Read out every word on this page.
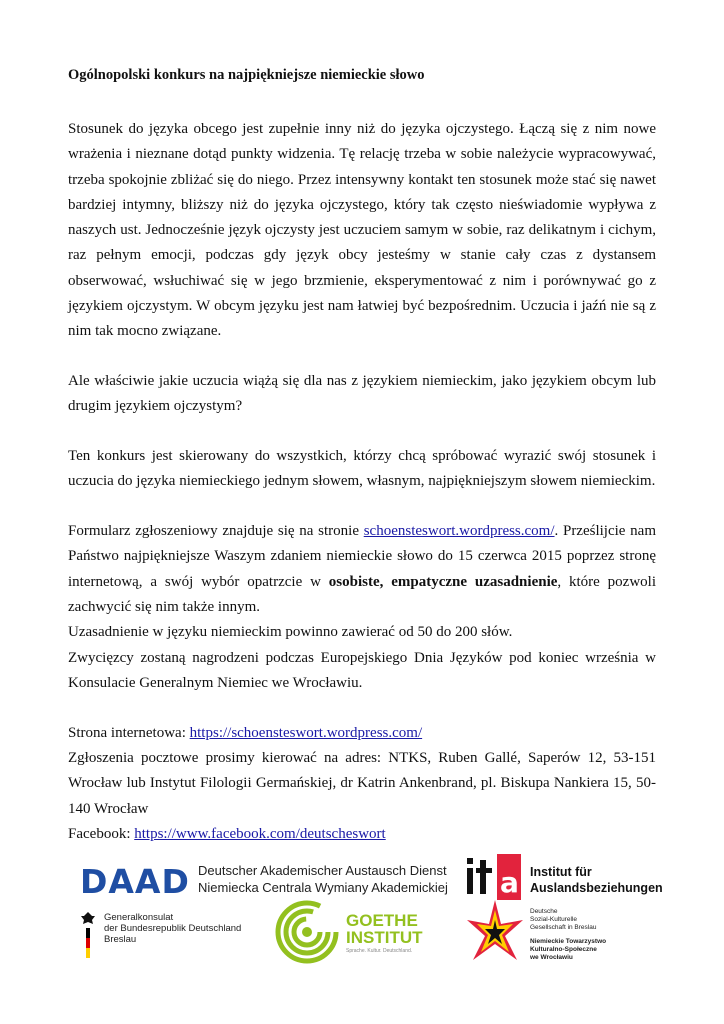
Ogólnopolski konkurs na najpiękniejsze niemieckie słowo

Stosunek do języka obcego jest zupełnie inny niż do języka ojczystego. Łączą się z nim nowe wrażenia i nieznane dotąd punkty widzenia. Tę relację trzeba w sobie należycie wypracowywać, trzeba spokojnie zbliżać się do niego. Przez intensywny kontakt ten stosunek może stać się nawet bardziej intymny, bliższy niż do języka ojczystego, który tak często nieświadomie wypływa z naszych ust. Jednocześnie język ojczysty jest uczuciem samym w sobie, raz delikatnym i cichym, raz pełnym emocji, podczas gdy język obcy jesteśmy w stanie cały czas z dystansem obserwować, wsłuchiwać się w jego brzmienie, eksperymentować z nim i porównywać go z językiem ojczystym. W obcym języku jest nam łatwiej być bezpośrednim. Uczucia i jaźń nie są z nim tak mocno związane.

Ale właściwie jakie uczucia wiążą się dla nas z językiem niemieckim, jako językiem obcym lub drugim językiem ojczystym?

Ten konkurs jest skierowany do wszystkich, którzy chcą spróbować wyrazić swój stosunek i uczucia do języka niemieckiego jednym słowem, własnym, najpiękniejszym słowem niemieckim.

Formularz zgłoszeniowy znajduje się na stronie schoensteswort.wordpress.com/. Prześlijcie nam Państwo najpiękniejsze Waszym zdaniem niemieckie słowo do 15 czerwca 2015 poprzez stronę internetową, a swój wybór opatrzcie w osobiste, empatyczne uzasadnienie, które pozwoli zachwycić się nim także innym.

Uzasadnienie w języku niemieckim powinno zawierać od 50 do 200 słów.

Zwycięzcy zostaną nagrodzeni podczas Europejskiego Dnia Języków pod koniec września w Konsulacie Generalnym Niemiec we Wrocławiu.

Strona internetowa: https://schoensteswort.wordpress.com/

Zgłoszenia pocztowe prosimy kierować na adres: NTKS, Ruben Gallé, Saperów 12, 53-151 Wrocław lub Instytut Filologii Germańskiej, dr Katrin Ankenbrand, pl. Biskupa Nankiera 15, 50-140 Wrocław

Facebook: https://www.facebook.com/deutscheswort

DAAD Deutscher Akademischer Austausch Dienst
Niemiecka Centrala Wymiany Akademickiej a Institut für
Auslandsbeziehungen
Generalkonsulat
der Bundesrepublik Deutschland
Breslau
GOETHE
INSTITUT
Sprache. Kultur. Deutschland.
Deutsche
Sozial-Kulturelle
Gesellschaft in Breslau
Niemieckie Towarzystwo
Kulturalno-Społeczne
we Wrocławiu
